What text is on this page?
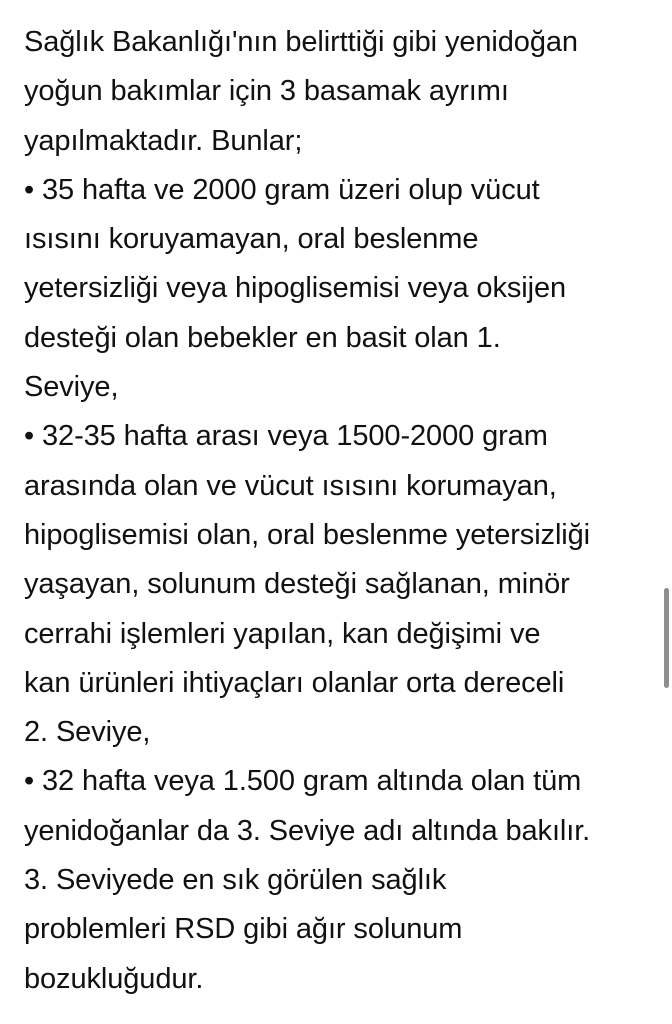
Sağlık Bakanlığı'nın belirttiği gibi yenidoğan
yoğun bakımlar için 3 basamak ayrımı
yapılmaktadır. Bunlar;
• 35 hafta ve 2000 gram üzeri olup vücut
ısısını koruyamayan, oral beslenme
yetersizliği veya hipoglisemisi veya oksijen
desteği olan bebekler en basit olan 1.
Seviye,
• 32-35 hafta arası veya 1500-2000 gram
arasında olan ve vücut ısısını korumayan,
hipoglisemisi olan, oral beslenme yetersizliği
yaşayan, solunum desteği sağlanan, minör
cerrahi işlemleri yapılan, kan değişimi ve
kan ürünleri ihtiyaçları olanlar orta dereceli
2. Seviye,
• 32 hafta veya 1.500 gram altında olan tüm
yenidoğanlar da 3. Seviye adı altında bakılır.
3. Seviyede en sık görülen sağlık
problemleri RSD gibi ağır solunum
bozukluğudur.
